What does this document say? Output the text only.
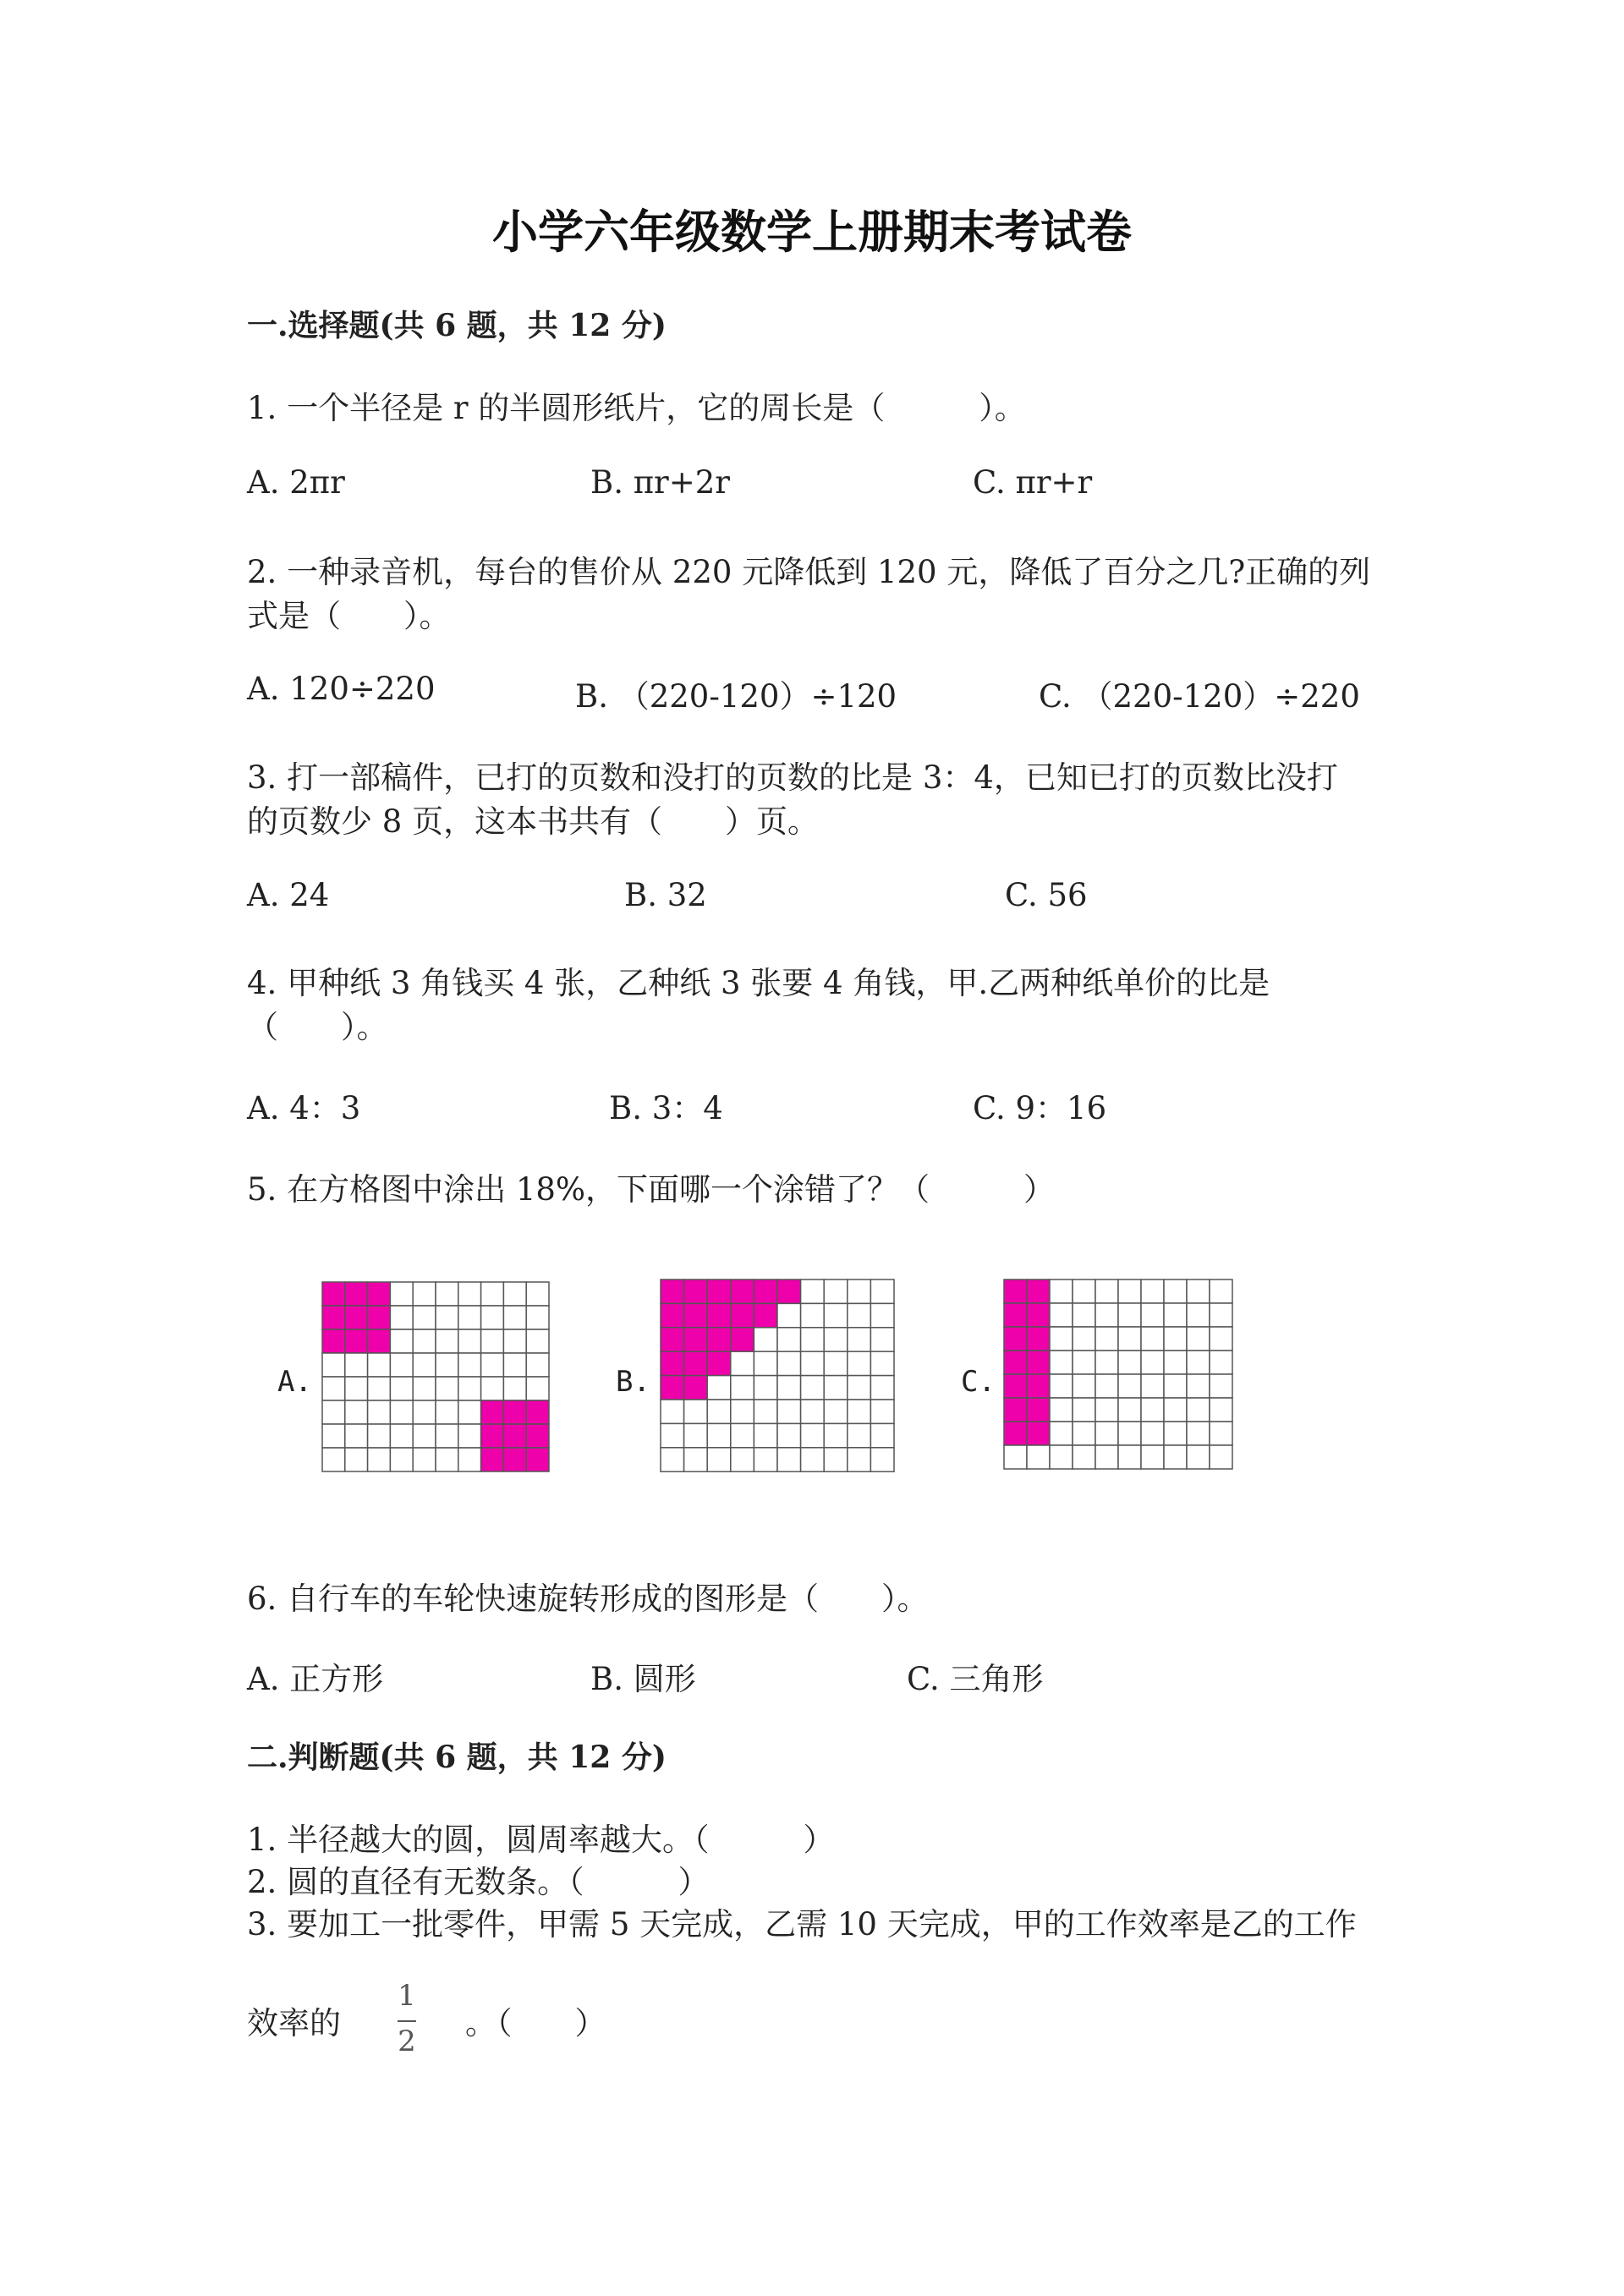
小学六年级数学上册期末考试卷
一.选择题(共 6 题，共 12 分)
1. 一个半径是 r 的半圆形纸片，它的周长是（　　　）。
A. 2πr	B. πr+2r	C. πr+r
2. 一种录音机，每台的售价从 220 元降低到 120 元，降低了百分之几?正确的列
式是（　　）。
A. 120÷220	B. （220-120）÷120	C. （220-120）÷220
3. 打一部稿件，已打的页数和没打的页数的比是 3：4，已知已打的页数比没打
的页数少 8 页，这本书共有（　　）页。
A. 24	B. 32	C. 56
4. 甲种纸 3 角钱买 4 张，乙种纸 3 张要 4 角钱，甲.乙两种纸单价的比是
（　　）。
A. 4：3	B. 3：4	C. 9：16
5. 在方格图中涂出 18%，下面哪一个涂错了？（　　　）
A.	B.	C.
6. 自行车的车轮快速旋转形成的图形是（　　）。
A. 正方形	B. 圆形	C. 三角形
二.判断题(共 6 题，共 12 分)
1. 半径越大的圆，圆周率越大。（　　　）
2. 圆的直径有无数条。（　　　）
3. 要加工一批零件，甲需 5 天完成，乙需 10 天完成，甲的工作效率是乙的工作
效率的
1
2 。（　　）
